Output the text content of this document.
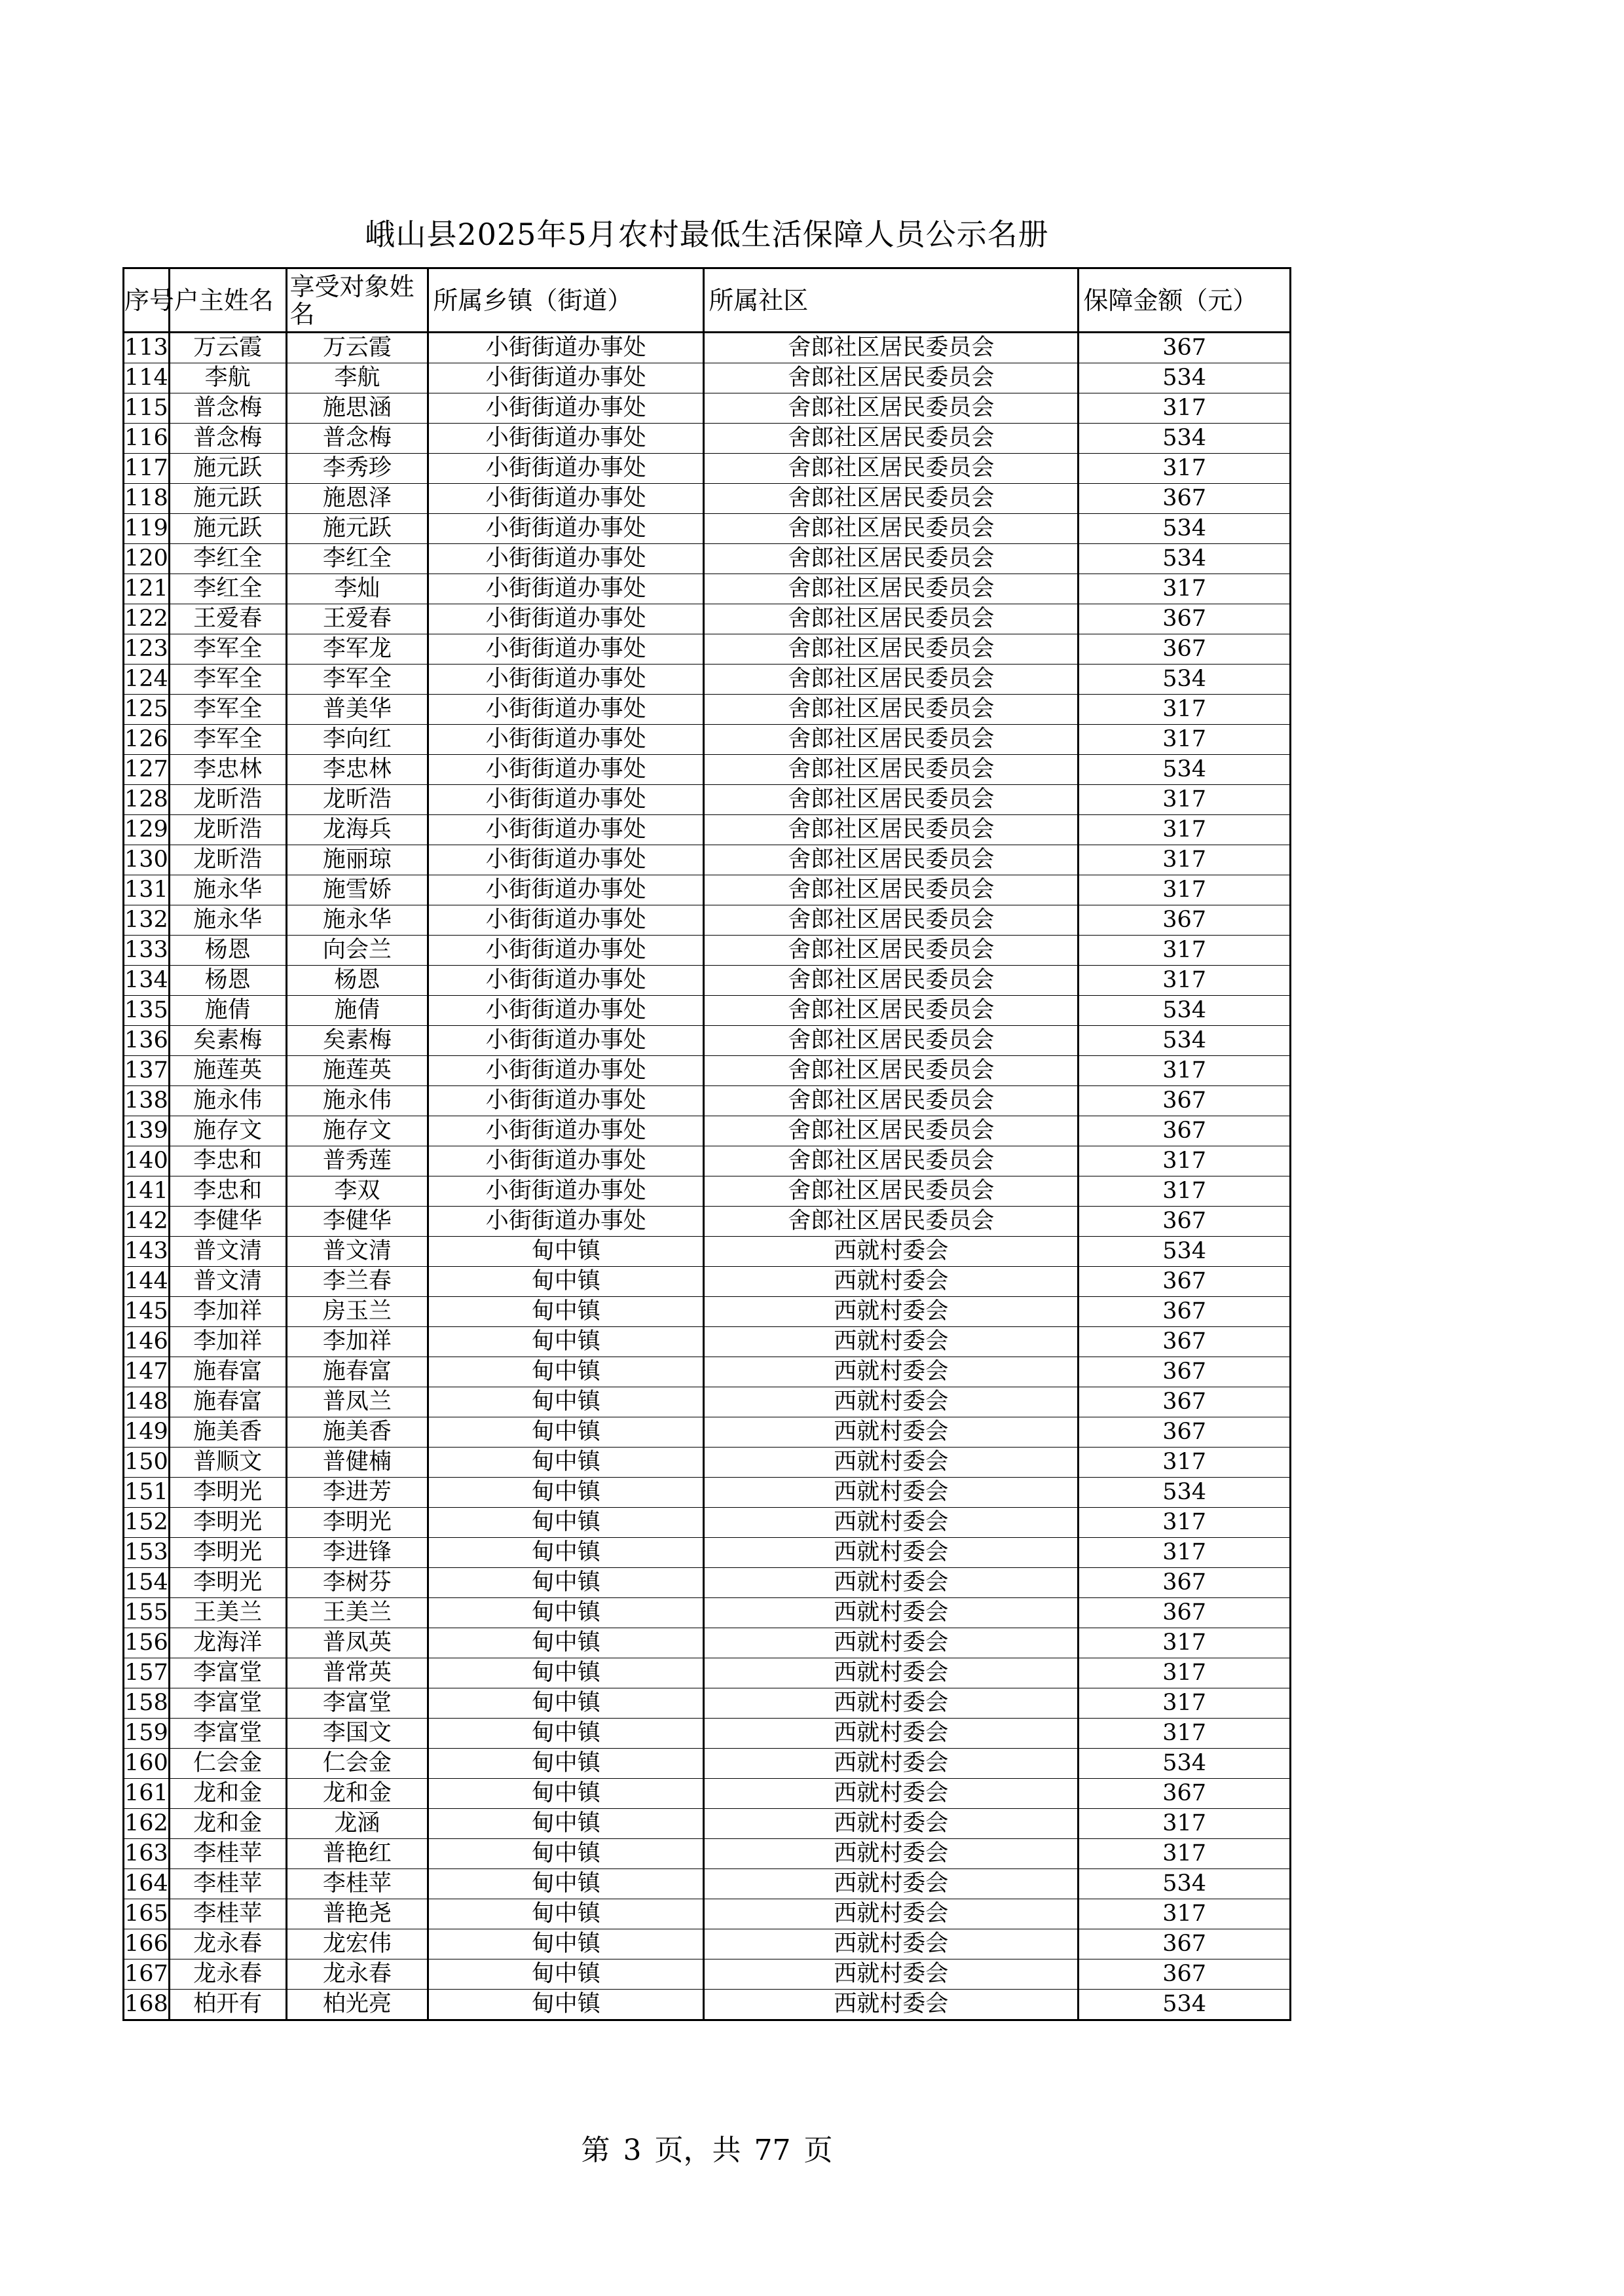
峨山县2025年5月农村最低生活保障人员公示名册
序号	户主姓名	享受对象姓名	所属乡镇（街道）	所属社区	保障金额（元）
113	万云霞	万云霞	小街街道办事处	舍郎社区居民委员会	367
114	李航	李航	小街街道办事处	舍郎社区居民委员会	534
115	普念梅	施思涵	小街街道办事处	舍郎社区居民委员会	317
116	普念梅	普念梅	小街街道办事处	舍郎社区居民委员会	534
117	施元跃	李秀珍	小街街道办事处	舍郎社区居民委员会	317
118	施元跃	施恩泽	小街街道办事处	舍郎社区居民委员会	367
119	施元跃	施元跃	小街街道办事处	舍郎社区居民委员会	534
120	李红全	李红全	小街街道办事处	舍郎社区居民委员会	534
121	李红全	李灿	小街街道办事处	舍郎社区居民委员会	317
122	王爱春	王爱春	小街街道办事处	舍郎社区居民委员会	367
123	李军全	李军龙	小街街道办事处	舍郎社区居民委员会	367
124	李军全	李军全	小街街道办事处	舍郎社区居民委员会	534
125	李军全	普美华	小街街道办事处	舍郎社区居民委员会	317
126	李军全	李向红	小街街道办事处	舍郎社区居民委员会	317
127	李忠林	李忠林	小街街道办事处	舍郎社区居民委员会	534
128	龙昕浩	龙昕浩	小街街道办事处	舍郎社区居民委员会	317
129	龙昕浩	龙海兵	小街街道办事处	舍郎社区居民委员会	317
130	龙昕浩	施丽琼	小街街道办事处	舍郎社区居民委员会	317
131	施永华	施雪娇	小街街道办事处	舍郎社区居民委员会	317
132	施永华	施永华	小街街道办事处	舍郎社区居民委员会	367
133	杨恩	向会兰	小街街道办事处	舍郎社区居民委员会	317
134	杨恩	杨恩	小街街道办事处	舍郎社区居民委员会	317
135	施倩	施倩	小街街道办事处	舍郎社区居民委员会	534
136	矣素梅	矣素梅	小街街道办事处	舍郎社区居民委员会	534
137	施莲英	施莲英	小街街道办事处	舍郎社区居民委员会	317
138	施永伟	施永伟	小街街道办事处	舍郎社区居民委员会	367
139	施存文	施存文	小街街道办事处	舍郎社区居民委员会	367
140	李忠和	普秀莲	小街街道办事处	舍郎社区居民委员会	317
141	李忠和	李双	小街街道办事处	舍郎社区居民委员会	317
142	李健华	李健华	小街街道办事处	舍郎社区居民委员会	367
143	普文清	普文清	甸中镇	西就村委会	534
144	普文清	李兰春	甸中镇	西就村委会	367
145	李加祥	房玉兰	甸中镇	西就村委会	367
146	李加祥	李加祥	甸中镇	西就村委会	367
147	施春富	施春富	甸中镇	西就村委会	367
148	施春富	普凤兰	甸中镇	西就村委会	367
149	施美香	施美香	甸中镇	西就村委会	367
150	普顺文	普健楠	甸中镇	西就村委会	317
151	李明光	李进芳	甸中镇	西就村委会	534
152	李明光	李明光	甸中镇	西就村委会	317
153	李明光	李进锋	甸中镇	西就村委会	317
154	李明光	李树芬	甸中镇	西就村委会	367
155	王美兰	王美兰	甸中镇	西就村委会	367
156	龙海洋	普凤英	甸中镇	西就村委会	317
157	李富堂	普常英	甸中镇	西就村委会	317
158	李富堂	李富堂	甸中镇	西就村委会	317
159	李富堂	李国文	甸中镇	西就村委会	317
160	仁会金	仁会金	甸中镇	西就村委会	534
161	龙和金	龙和金	甸中镇	西就村委会	367
162	龙和金	龙涵	甸中镇	西就村委会	317
163	李桂苹	普艳红	甸中镇	西就村委会	317
164	李桂苹	李桂苹	甸中镇	西就村委会	534
165	李桂苹	普艳尧	甸中镇	西就村委会	317
166	龙永春	龙宏伟	甸中镇	西就村委会	367
167	龙永春	龙永春	甸中镇	西就村委会	367
168	柏开有	柏光亮	甸中镇	西就村委会	534
第 3 页，共 77 页
